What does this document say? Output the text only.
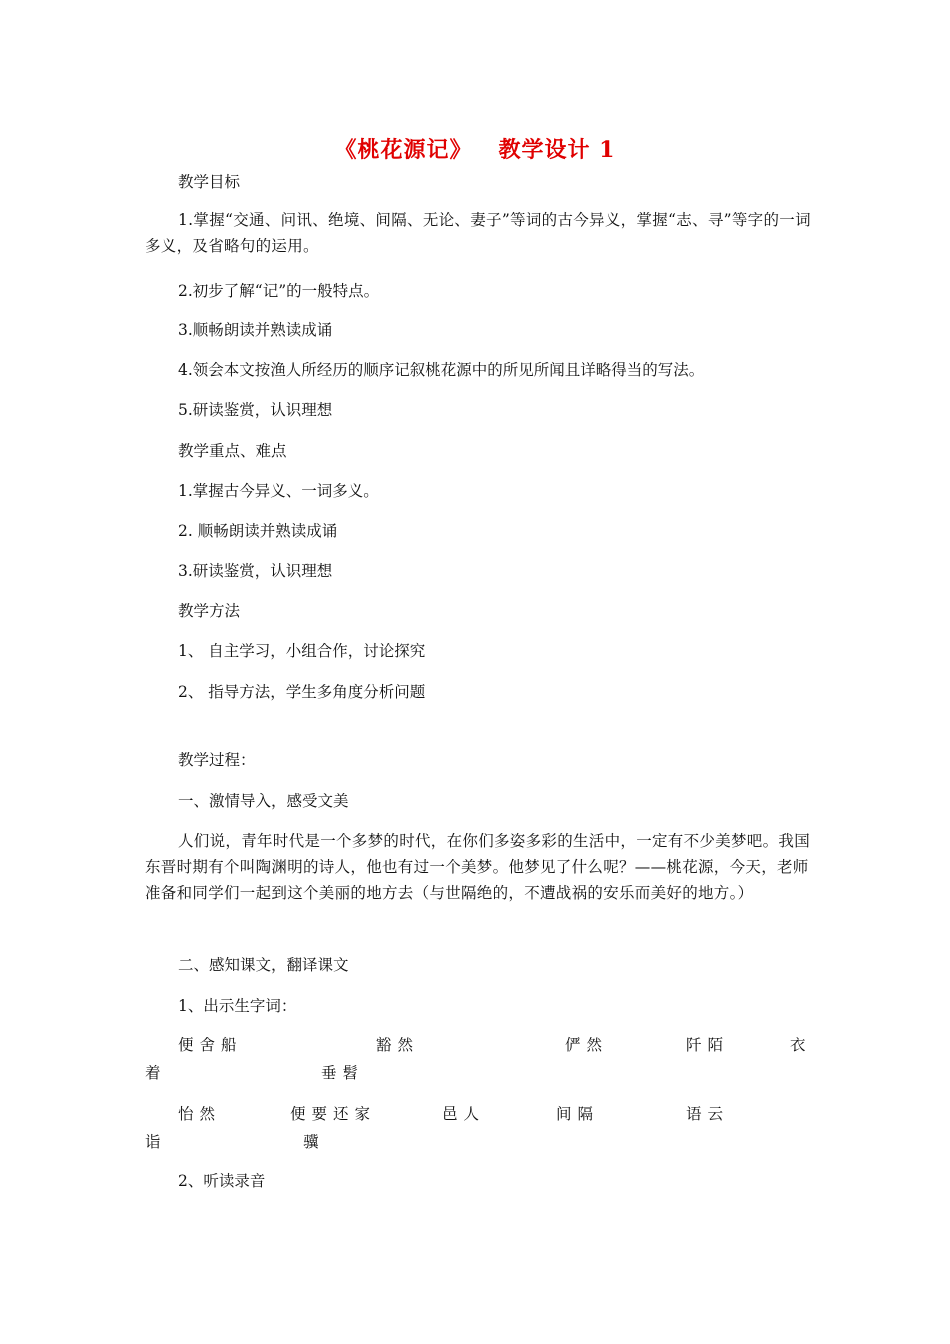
《桃花源记》   教学设计 1
教学目标
1.掌握“交通、问讯、绝境、间隔、无论、妻子”等词的古今异义，掌握“志、寻”等字的一词多义，及省略句的运用。
2.初步了解“记”的一般特点。
3.顺畅朗读并熟读成诵
4.领会本文按渔人所经历的顺序记叙桃花源中的所见所闻且详略得当的写法。
5.研读鉴赏，认识理想
教学重点、难点
1.掌握古今异义、一词多义。
2. 顺畅朗读并熟读成诵
3.研读鉴赏，认识理想
教学方法
1、 自主学习，小组合作，讨论探究
2、 指导方法，学生多角度分析问题
教学过程：
一、激情导入，感受文美
人们说，青年时代是一个多梦的时代，在你们多姿多彩的生活中，一定有不少美梦吧。我国东晋时期有个叫陶渊明的诗人，他也有过一个美梦。他梦见了什么呢？——桃花源，今天，老师准备和同学们一起到这个美丽的地方去（与世隔绝的，不遭战祸的安乐而美好的地方。）
二、感知课文，翻译课文
1、出示生字词：
便舍船	豁然	俨然	阡陌	衣
着	垂髫
怡然	便要还家	邑人	间隔	语云
诣	骥
2、听读录音
